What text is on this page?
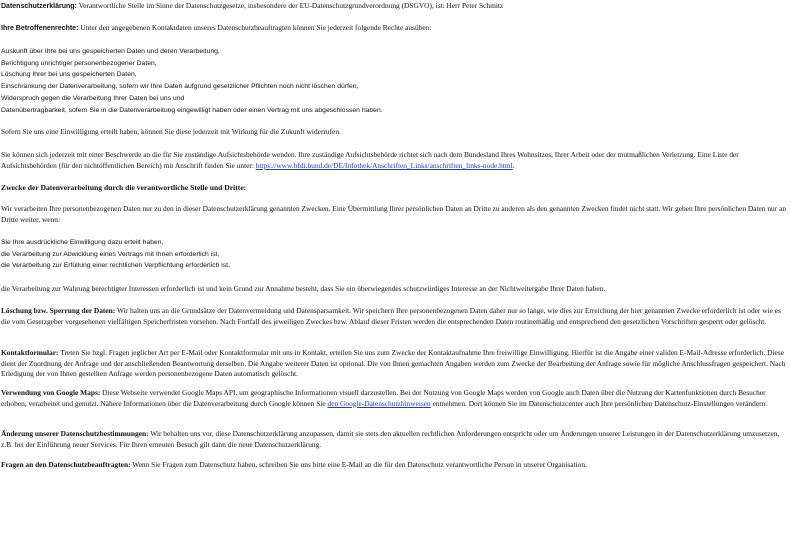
Datenschutzerklärung: Verantwortliche Stelle im Sinne der Datenschutzgesetze, insbesondere der EU-Datenschutzgrundverordnung (DSGVO), ist: Herr Peter Schmitz

Ihre Betroffenenrechte: Unter den angegebenen Kontaktdaten unseres Datenschutzbeauftragten können Sie jederzeit folgende Rechte ausüben:

Auskunft über Ihre bei uns gespeicherten Daten und deren Verarbeitung,
Berichtigung unrichtiger personenbezogener Daten,
Löschung Ihrer bei uns gespeicherten Daten,
Einschränkung der Datenverarbeitung, sofern wir Ihre Daten aufgrund gesetzlicher Pflichten noch nicht löschen dürfen,
Widerspruch gegen die Verarbeitung Ihrer Daten bei uns und
Datenübertragbarkeit, sofern Sie in die Datenverarbeitung eingewilligt haben oder einen Vertrag mit uns abgeschlossen haben.

Sofern Sie uns eine Einwilligung erteilt haben, können Sie diese jederzeit mit Wirkung für die Zukunft widerrufen.

Sie können sich jederzeit mit einer Beschwerde an die für Sie zuständige Aufsichtsbehörde wenden. Ihre zuständige Aufsichtsbehörde richtet sich nach dem Bundesland Ihres Wohnsitzes, Ihrer Arbeit oder der mutmaßlichen Verletzung. Eine Liste der Aufsichtsbehörden (für den nichtöffentlichen Bereich) mit Anschrift finden Sie unter: https://www.bfdi.bund.de/DE/Infothek/Anschriften_Links/anschriften_links-node.html.

Zwecke der Datenverarbeitung durch die verantwortliche Stelle und Dritte:

Wir verarbeiten Ihre personenbezogenen Daten nur zu den in dieser Datenschutzerklärung genannten Zwecken. Eine Übermittlung Ihrer persönlichen Daten an Dritte zu anderen als den genannten Zwecken findet nicht statt. Wir geben Ihre persönlichen Daten nur an Dritte weiter, wenn:

Sie Ihre ausdrückliche Einwilligung dazu erteilt haben,
die Verarbeitung zur Abwicklung eines Vertrags mit Ihnen erforderlich ist,
die Verarbeitung zur Erfüllung einer rechtlichen Verpflichtung erforderlich ist,

die Verarbeitung zur Wahrung berechtigter Interessen erforderlich ist und kein Grund zur Annahme besteht, dass Sie ein überwiegendes schutzwürdiges Interesse an der Nichtweitergabe Ihrer Daten haben.

Löschung bzw. Sperrung der Daten: Wir halten uns an die Grundsätze der Datenvermeidung und Datensparsamkeit. Wir speichern Ihre personenbezogenen Daten daher nur so lange, wie dies zur Erreichung der hier genannten Zwecke erforderlich ist oder wie es die vom Gesetzgeber vorgesehenen vielfältigen Speicherfristen vorsehen. Nach Fortfall des jeweiligen Zweckes bzw. Ablauf dieser Fristen werden die entsprechenden Daten routinemäßig und entsprechend den gesetzlichen Vorschriften gesperrt oder gelöscht.

Kontaktformular: Treten Sie bzgl. Fragen jeglicher Art per E-Mail oder Kontaktformular mit uns in Kontakt, erteilen Sie uns zum Zwecke der Kontaktaufnahme Ihre freiwillige Einwilligung. Hierfür ist die Angabe einer validen E-Mail-Adresse erforderlich. Diese dient der Zuordnung der Anfrage und der anschließenden Beantwortung derselben. Die Angabe weiterer Daten ist optional. Die von Ihnen gemachten Angaben werden zum Zwecke der Bearbeitung der Anfrage sowie für mögliche Anschlussfragen gespeichert. Nach Erledigung der von Ihnen gestellten Anfrage werden personenbezogene Daten automatisch gelöscht.

Verwendung von Google Maps: Diese Webseite verwendet Google Maps API, um geographische Informationen visuell darzustellen. Bei der Nutzung von Google Maps werden von Google auch Daten über die Nutzung der Kartenfunktionen durch Besucher erhoben, verarbeitet und genutzt. Nähere Informationen über die Datenverarbeitung durch Google können Sie den Google-Datenschutzhinweisen entnehmen. Dort können Sie im Datenschutzcenter auch Ihre persönlichen Datenschutz-Einstellungen verändern.

Änderung unserer Datenschutzbestimmungen: Wir behalten uns vor, diese Datenschutzerklärung anzupassen, damit sie stets den aktuellen rechtlichen Anforderungen entspricht oder um Änderungen unserer Leistungen in der Datenschutzerklärung umzusetzen, z.B. bei der Einführung neuer Services. Für Ihren erneuten Besuch gilt dann die neue Datenschutzerklärung.

Fragen an den Datenschutzbeauftragten: Wenn Sie Fragen zum Datenschutz haben, schreiben Sie uns bitte eine E-Mail an die für den Datenschutz verantwortliche Person in unserer Organisation.
